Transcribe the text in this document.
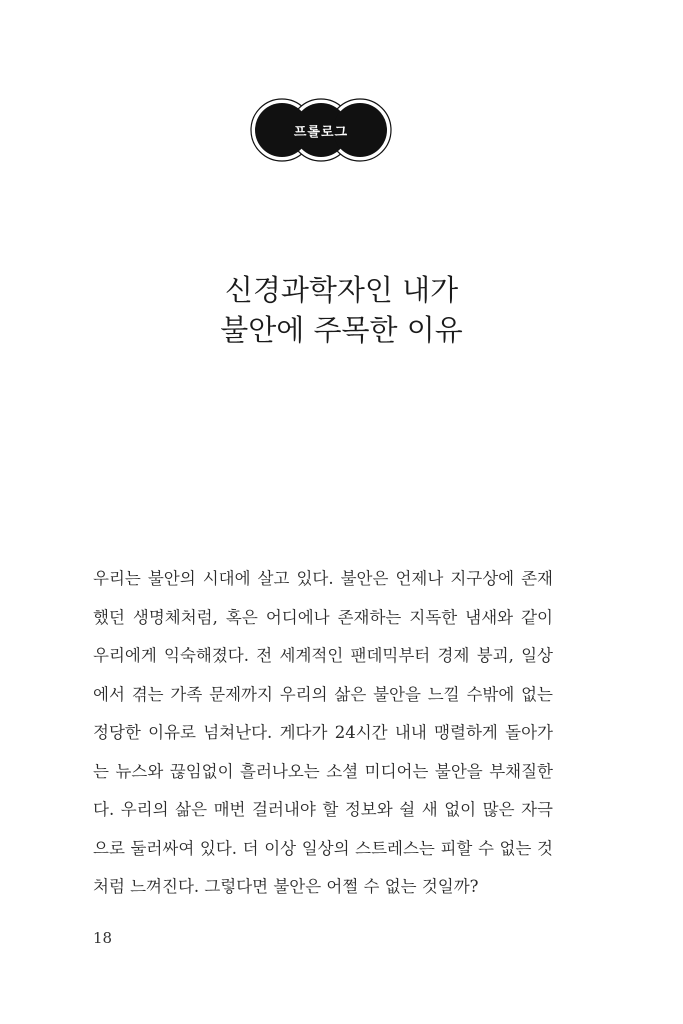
프롤로그
신경과학자인 내가
불안에 주목한 이유

우리는 불안의 시대에 살고 있다. 불안은 언제나 지구상에 존재했던 생명체처럼, 혹은 어디에나 존재하는 지독한 냄새와 같이 우리에게 익숙해졌다. 전 세계적인 팬데믹부터 경제 붕괴, 일상에서 겪는 가족 문제까지 우리의 삶은 불안을 느낄 수밖에 없는 정당한 이유로 넘쳐난다. 게다가 24시간 내내 맹렬하게 돌아가는 뉴스와 끊임없이 흘러나오는 소셜 미디어는 불안을 부채질한다. 우리의 삶은 매번 걸러내야 할 정보와 쉴 새 없이 많은 자극으로 둘러싸여 있다. 더 이상 일상의 스트레스는 피할 수 없는 것처럼 느껴진다. 그렇다면 불안은 어쩔 수 없는 것일까?

18
